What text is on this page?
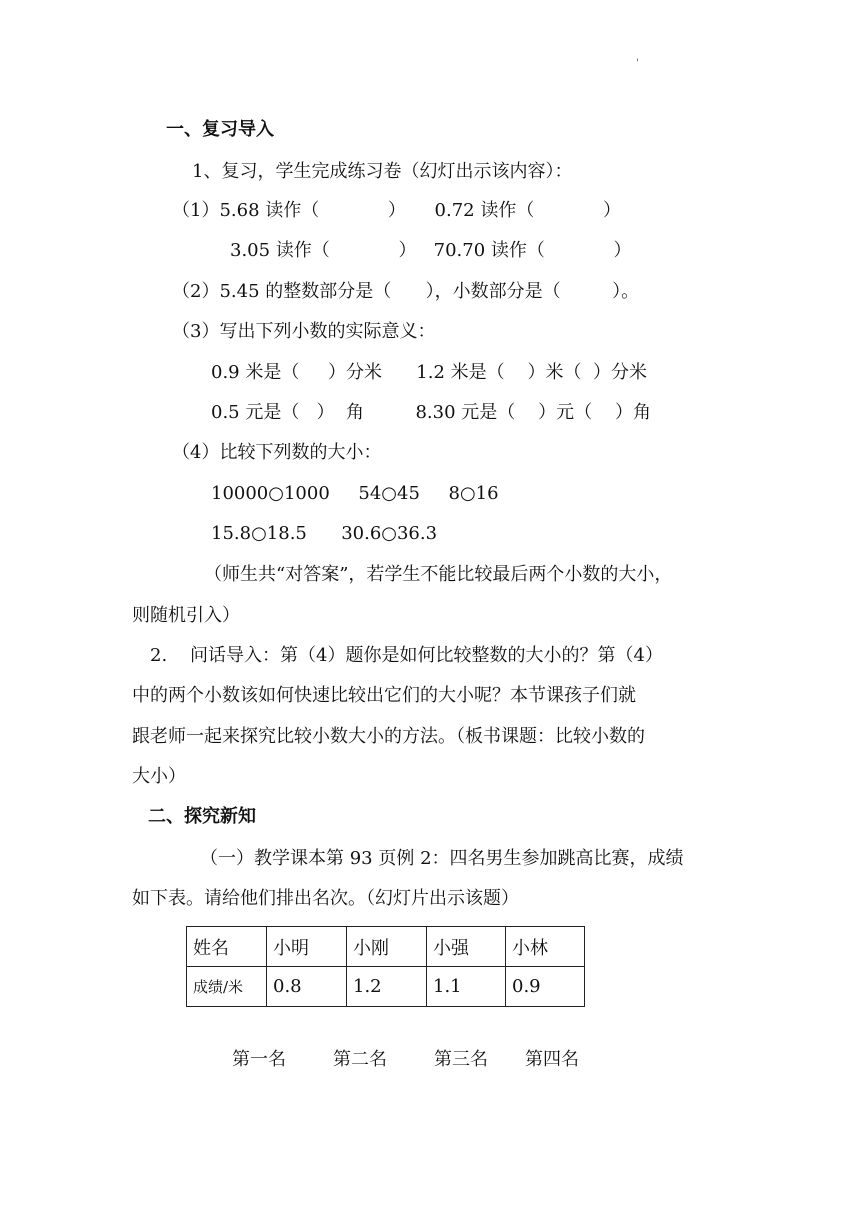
'
一、复习导入
1、复习，学生完成练习卷（幻灯出示该内容）：
（1）5.68 读作（            ）     0.72 读作（            ）
3.05 读作（            ）   70.70 读作（            ）
（2）5.45 的整数部分是（      ），小数部分是（         ）。
（3）写出下列小数的实际意义：
0.9 米是（     ）分米      1.2 米是（    ）米（  ）分米
0.5 元是（   ）  角         8.30 元是（    ）元（    ）角
（4）比较下列数的大小：
10000○1000     54○45     8○16
15.8○18.5      30.6○36.3
（师生共“对答案”，若学生不能比较最后两个小数的大小，
则随机引入）
2.    问话导入：第（4）题你是如何比较整数的大小的？第（4）
中的两个小数该如何快速比较出它们的大小呢？本节课孩子们就
跟老师一起来探究比较小数大小的方法。（板书课题：比较小数的
大小）
二、探究新知
（一）教学课本第 93 页例 2：四名男生参加跳高比赛，成绩
如下表。请给他们排出名次。（幻灯片出示该题）
姓名	小明	小刚	小强	小林
成绩/米	0.8	1.2	1.1	0.9
第一名	第二名	第三名 第四名
